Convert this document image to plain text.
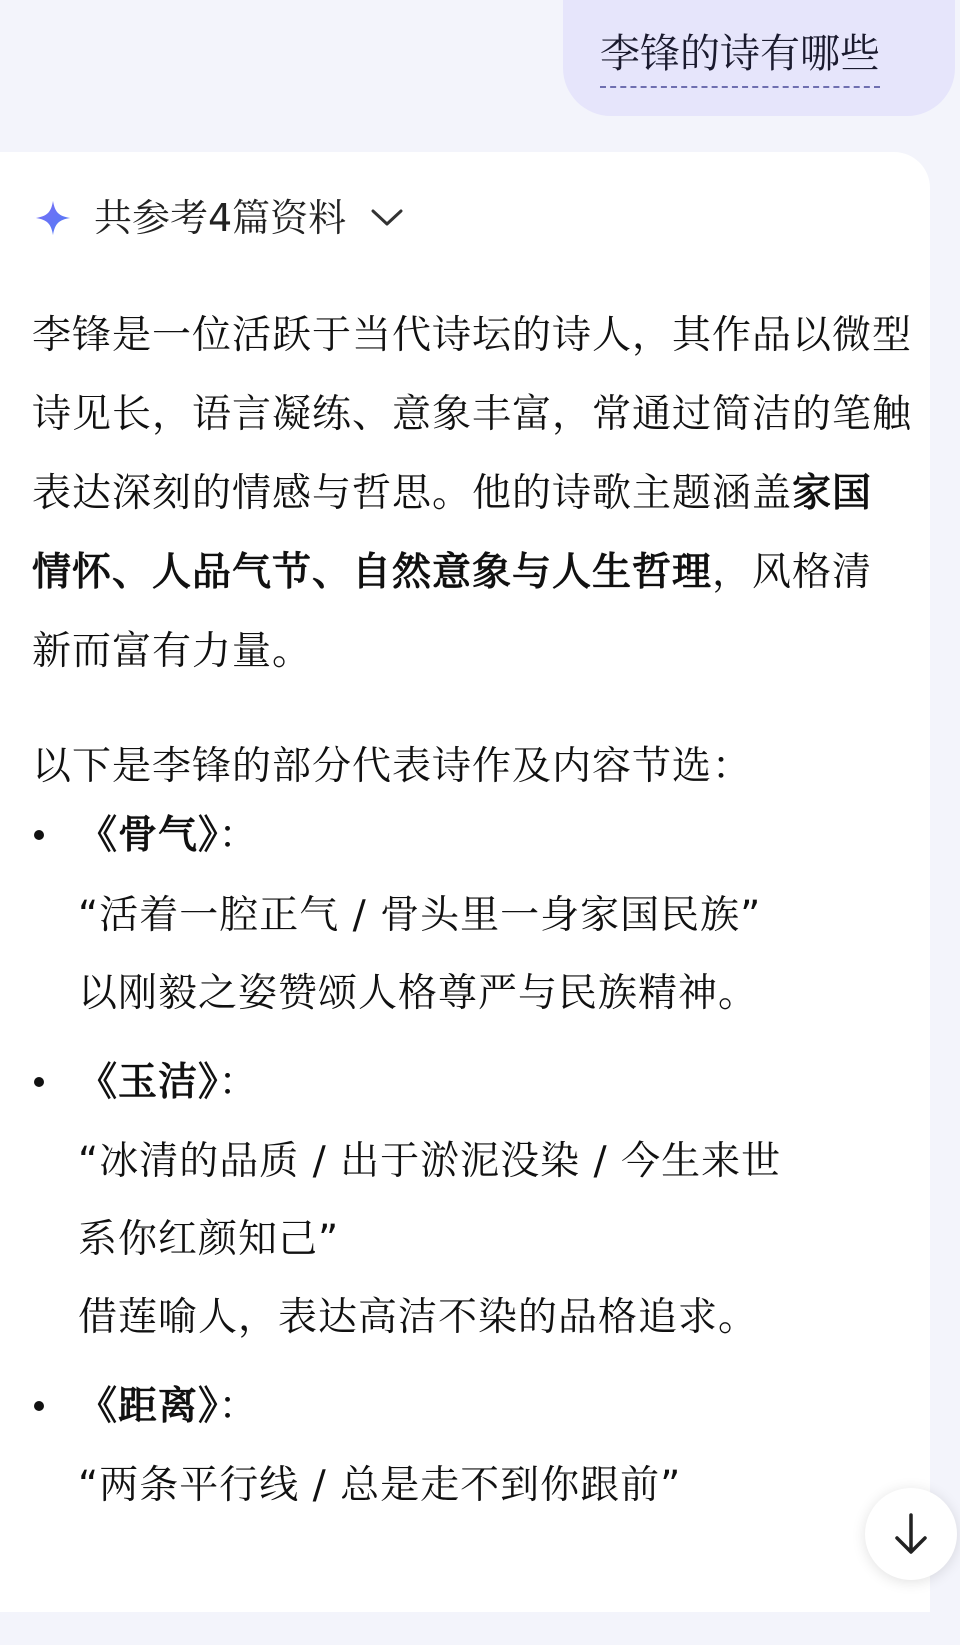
李锋的诗有哪些
共参考4篇资料

李锋是一位活跃于当代诗坛的诗人，其作品以微型诗见长，语言凝练、意象丰富，常通过简洁的笔触表达深刻的情感与哲思。他的诗歌主题涵盖家国情怀、人品气节、自然意象与人生哲理，风格清新而富有力量。

以下是李锋的部分代表诗作及内容节选：

《骨气》：
“活着一腔正气 / 骨头里一身家国民族”
以刚毅之姿赞颂人格尊严与民族精神。
《玉洁》：
“冰清的品质 / 出于淤泥没染 / 今生来世
系你红颜知己”
借莲喻人，表达高洁不染的品格追求。
《距离》：
“两条平行线 / 总是走不到你跟前”
